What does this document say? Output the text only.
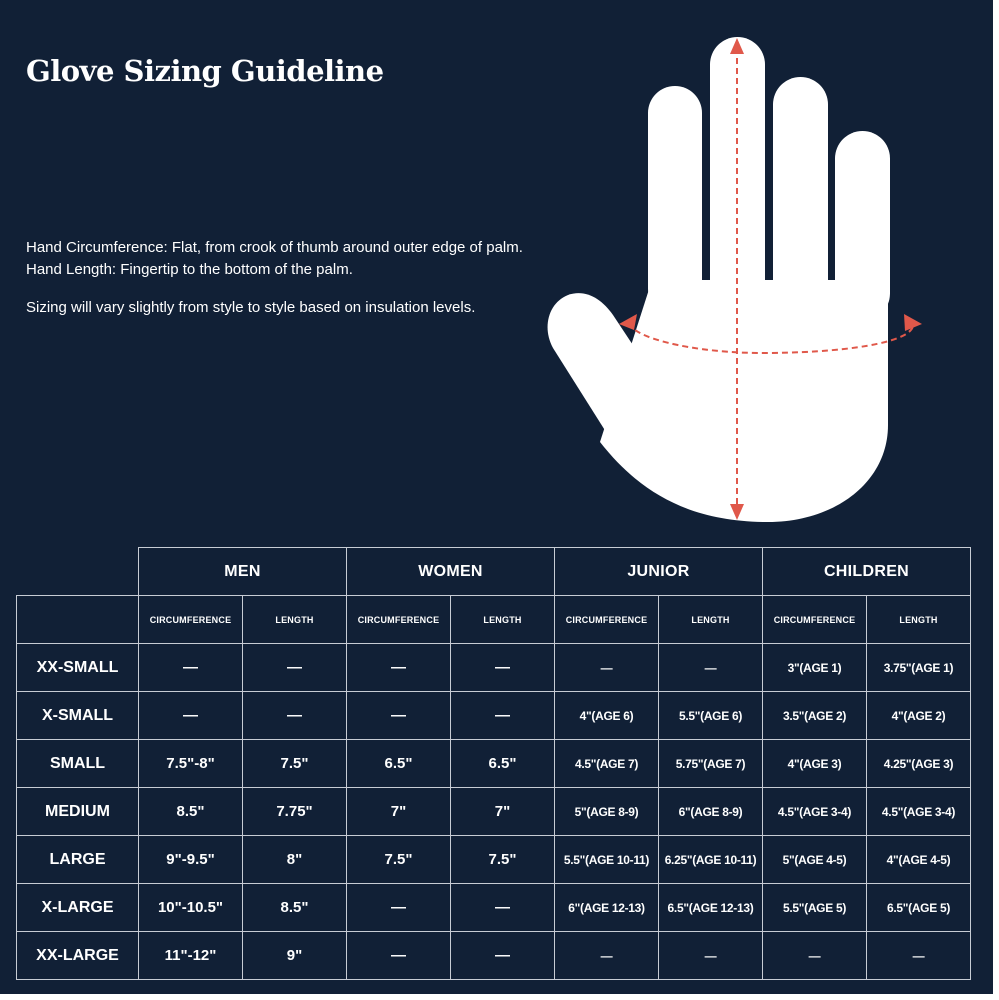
Glove Sizing Guideline

Hand Circumference: Flat, from crook of thumb around outer edge of palm.

Hand Length: Fingertip to the bottom of the palm.

Sizing will vary slightly from style to style based on insulation levels.

	MEN		WOMEN		JUNIOR		CHILDREN	
	CIRCUMFERENCE	LENGTH	CIRCUMFERENCE	LENGTH	CIRCUMFERENCE	LENGTH	CIRCUMFERENCE	LENGTH
XX-SMALL	—	—	—	—	—	—	3"(AGE 1)	3.75"(AGE 1)
X-SMALL	—	—	—	—	4"(AGE 6)	5.5"(AGE 6)	3.5"(AGE 2)	4"(AGE 2)
SMALL	7.5"-8"	7.5"	6.5"	6.5"	4.5"(AGE 7)	5.75"(AGE 7)	4"(AGE 3)	4.25"(AGE 3)
MEDIUM	8.5"	7.75"	7"	7"	5"(AGE 8-9)	6"(AGE 8-9)	4.5"(AGE 3-4)	4.5"(AGE 3-4)
LARGE	9"-9.5"	8"	7.5"	7.5"	5.5"(AGE 10-11)	6.25"(AGE 10-11)	5"(AGE 4-5)	4"(AGE 4-5)
X-LARGE	10"-10.5"	8.5"	—	—	6"(AGE 12-13)	6.5"(AGE 12-13)	5.5"(AGE 5)	6.5"(AGE 5)
XX-LARGE	11"-12"	9"	—	—	—	—	—	—
